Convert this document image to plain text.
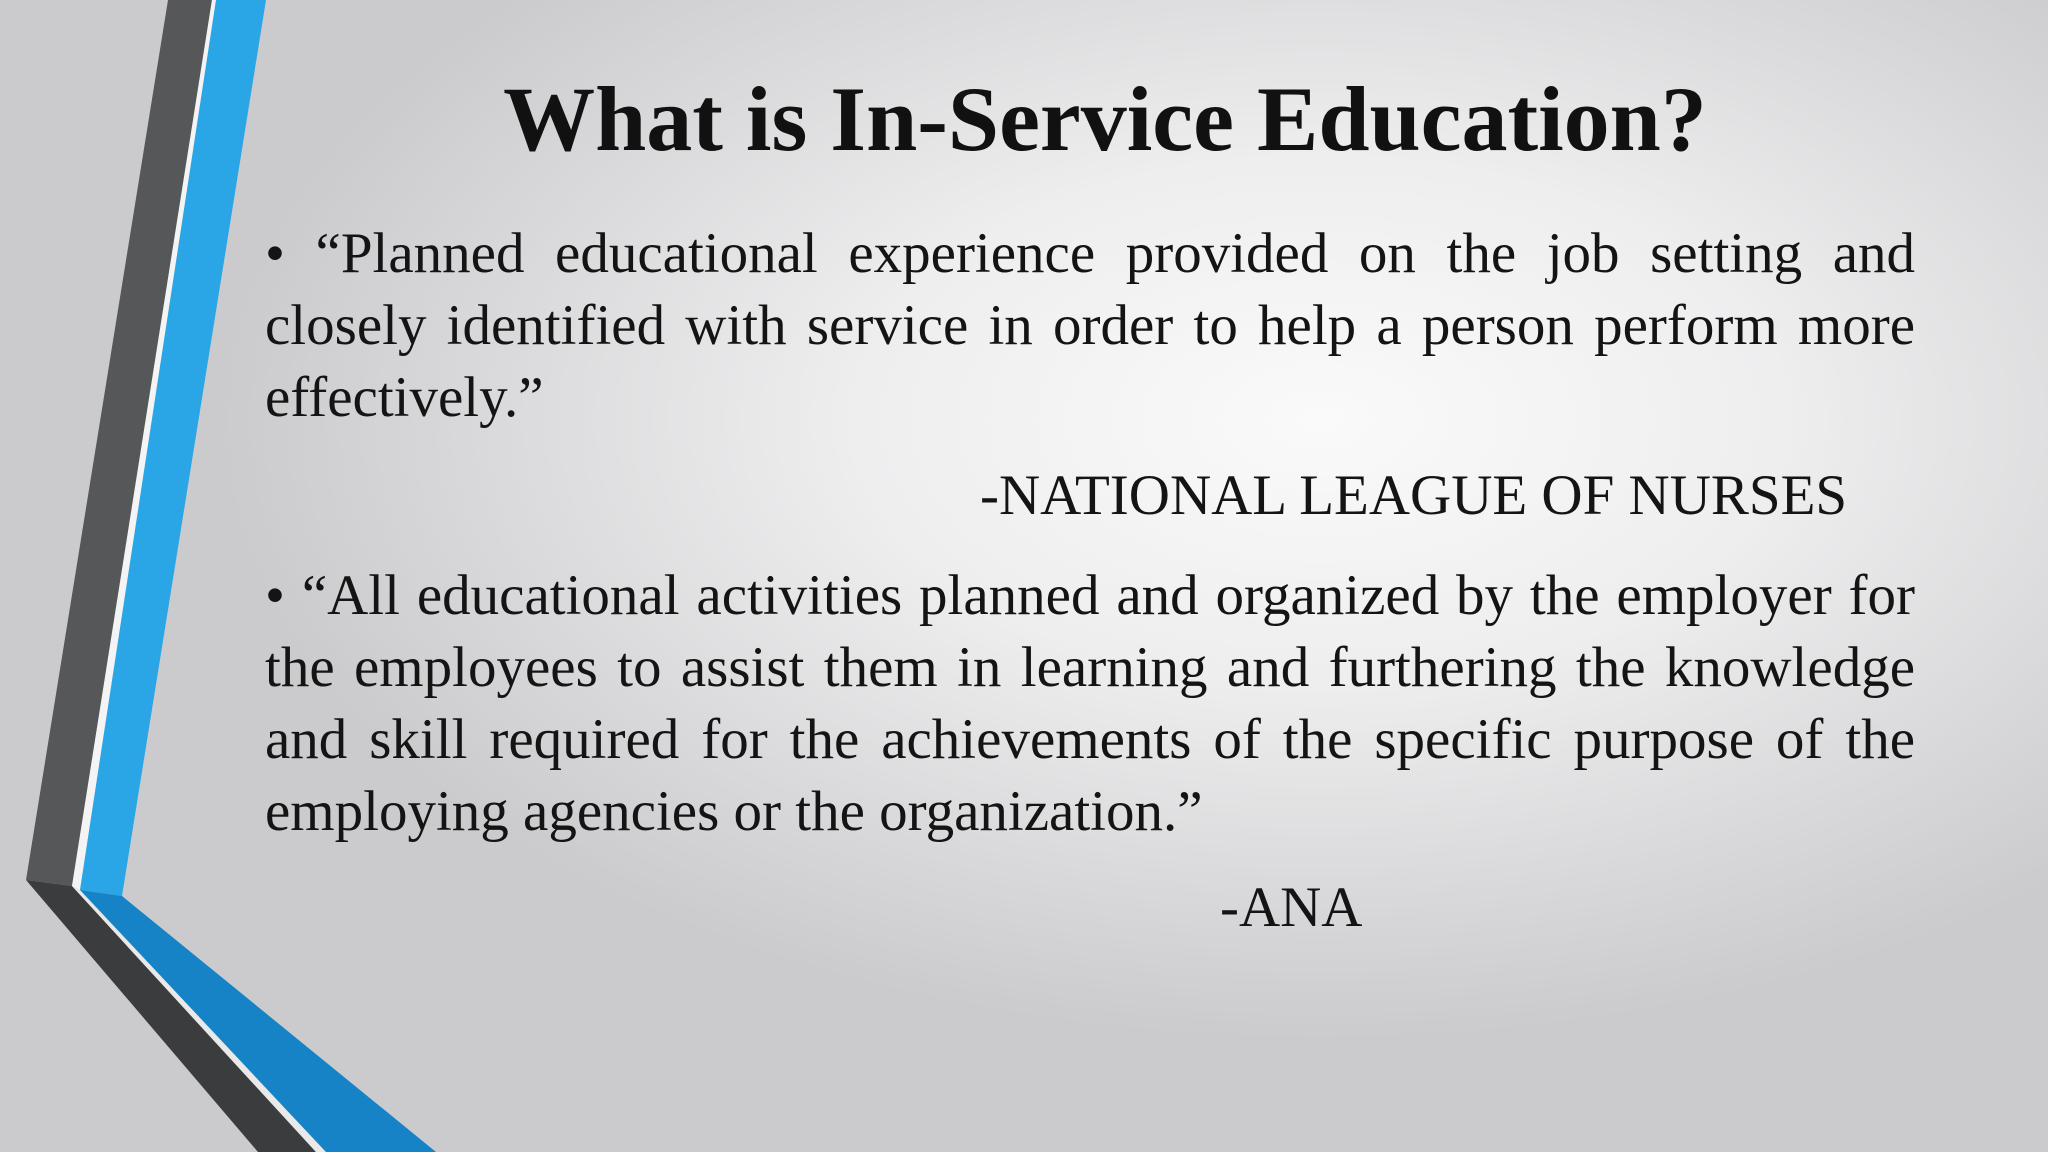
What is In-Service Education?

• “Planned educational experience provided on the job setting and closely identified with service in order to help a person perform more effectively.”

-NATIONAL LEAGUE OF NURSES

• “All educational activities planned and organized by the employer for the employees to assist them in learning and furthering the knowledge and skill required for the achievements of the specific purpose of the employing agencies or the organization.”

-ANA
